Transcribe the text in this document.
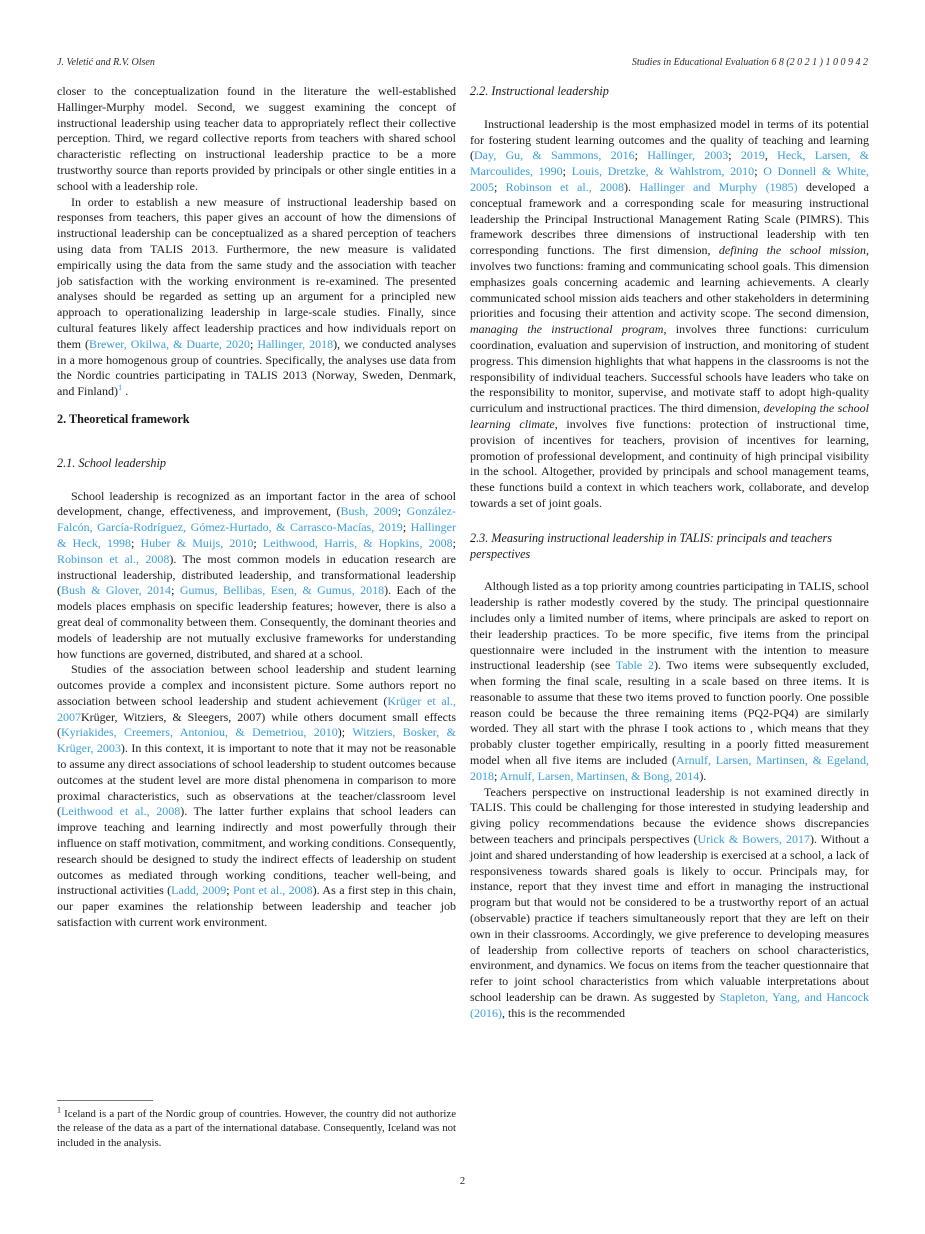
J. Veletić and R.V. Olsen	Studies in Educational Evaluation 6 8 (2 0 2 1 ) 1 0 0 9 4 2
closer to the conceptualization found in the literature the well-established Hallinger-Murphy model. Second, we suggest examining the concept of instructional leadership using teacher data to appropriately reflect their collective perception. Third, we regard collective reports from teachers with shared school characteristic reflecting on instructional leadership practice to be a more trustworthy source than reports provided by principals or other single entities in a school with a leadership role.
In order to establish a new measure of instructional leadership based on responses from teachers, this paper gives an account of how the dimensions of instructional leadership can be conceptualized as a shared perception of teachers using data from TALIS 2013. Furthermore, the new measure is validated empirically using the data from the same study and the association with teacher job satisfaction with the working environment is re-examined. The presented analyses should be regarded as setting up an argument for a principled new approach to operationalizing leadership in large-scale studies. Finally, since cultural features likely affect leadership practices and how individuals report on them (Brewer, Okilwa, & Duarte, 2020; Hallinger, 2018), we conducted analyses in a more homogenous group of countries. Specifically, the analyses use data from the Nordic countries participating in TALIS 2013 (Norway, Sweden, Denmark, and Finland)$^1$ .
2. Theoretical framework
2.1. School leadership
School leadership is recognized as an important factor in the area of school development, change, effectiveness, and improvement, (Bush, 2009; González-Falcón, García-Rodríguez, Gómez-Hurtado, & Carrasco-Macías, 2019; Hallinger & Heck, 1998; Huber & Muijs, 2010; Leithwood, Harris, & Hopkins, 2008; Robinson et al., 2008). The most common models in education research are instructional leadership, distributed leadership, and transformational leadership (Bush & Glover, 2014; Gumus, Bellibas, Esen, & Gumus, 2018). Each of the models places emphasis on specific leadership features; however, there is also a great deal of commonality between them. Consequently, the dominant theories and models of leadership are not mutually exclusive frameworks for understanding how functions are governed, distributed, and shared at a school.
Studies of the association between school leadership and student learning outcomes provide a complex and inconsistent picture. Some authors report no association between school leadership and student achievement (Krüger et al., 2007Krüger, Witziers, & Sleegers, 2007) while others document small effects (Kyriakides, Creemers, Antoniou, & Demetriou, 2010); Witziers, Bosker, & Krüger, 2003). In this context, it is important to note that it may not be reasonable to assume any direct associations of school leadership to student outcomes because outcomes at the student level are more distal phenomena in comparison to more proximal characteristics, such as observations at the teacher/classroom level (Leithwood et al., 2008). The latter further explains that school leaders can improve teaching and learning indirectly and most powerfully through their influence on staff motivation, commitment, and working conditions. Consequently, research should be designed to study the indirect effects of leadership on student outcomes as mediated through working conditions, teacher well-being, and instructional activities (Ladd, 2009; Pont et al., 2008). As a first step in this chain, our paper examines the relationship between leadership and teacher job satisfaction with current work environment.
2.2. Instructional leadership
Instructional leadership is the most emphasized model in terms of its potential for fostering student learning outcomes and the quality of teaching and learning (Day, Gu, & Sammons, 2016; Hallinger, 2003; 2019, Heck, Larsen, & Marcoulides, 1990; Louis, Dretzke, & Wahlstrom, 2010; O Donnell & White, 2005; Robinson et al., 2008). Hallinger and Murphy (1985) developed a conceptual framework and a corresponding scale for measuring instructional leadership the Principal Instructional Management Rating Scale (PIMRS). This framework describes three dimensions of instructional leadership with ten corresponding functions. The first dimension, defining the school mission, involves two functions: framing and communicating school goals. This dimension emphasizes goals concerning academic and learning achievements. A clearly communicated school mission aids teachers and other stakeholders in determining priorities and focusing their attention and activity scope. The second dimension, managing the instructional program, involves three functions: curriculum coordination, evaluation and supervision of instruction, and monitoring of student progress. This dimension highlights that what happens in the classrooms is not the responsibility of individual teachers. Successful schools have leaders who take on the responsibility to monitor, supervise, and motivate staff to adopt high-quality curriculum and instructional practices. The third dimension, developing the school learning climate, involves five functions: protection of instructional time, provision of incentives for teachers, provision of incentives for learning, promotion of professional development, and continuity of high principal visibility in the school. Altogether, provided by principals and school management teams, these functions build a context in which teachers work, collaborate, and develop towards a set of joint goals.
2.3. Measuring instructional leadership in TALIS: principals and teachers perspectives
Although listed as a top priority among countries participating in TALIS, school leadership is rather modestly covered by the study. The principal questionnaire includes only a limited number of items, where principals are asked to report on their leadership practices. To be more specific, five items from the principal questionnaire were included in the instrument with the intention to measure instructional leadership (see Table 2). Two items were subsequently excluded, when forming the final scale, resulting in a scale based on three items. It is reasonable to assume that these two items proved to function poorly. One possible reason could be because the three remaining items (PQ2-PQ4) are similarly worded. They all start with the phrase I took actions to , which means that they probably cluster together empirically, resulting in a poorly fitted measurement model when all five items are included (Arnulf, Larsen, Martinsen, & Egeland, 2018; Arnulf, Larsen, Martinsen, & Bong, 2014).
Teachers perspective on instructional leadership is not examined directly in TALIS. This could be challenging for those interested in studying leadership and giving policy recommendations because the evidence shows discrepancies between teachers and principals perspectives (Urick & Bowers, 2017). Without a joint and shared understanding of how leadership is exercised at a school, a lack of responsiveness towards shared goals is likely to occur. Principals may, for instance, report that they invest time and effort in managing the instructional program but that would not be considered to be a trustworthy report of an actual (observable) practice if teachers simultaneously report that they are left on their own in their classrooms. Accordingly, we give preference to developing measures of leadership from collective reports of teachers on school characteristics, environment, and dynamics. We focus on items from the teacher questionnaire that refer to joint school characteristics from which valuable interpretations about school leadership can be drawn. As suggested by Stapleton, Yang, and Hancock (2016), this is the recommended
$^1$ Iceland is a part of the Nordic group of countries. However, the country did not authorize the release of the data as a part of the international database. Consequently, Iceland was not included in the analysis.
2
